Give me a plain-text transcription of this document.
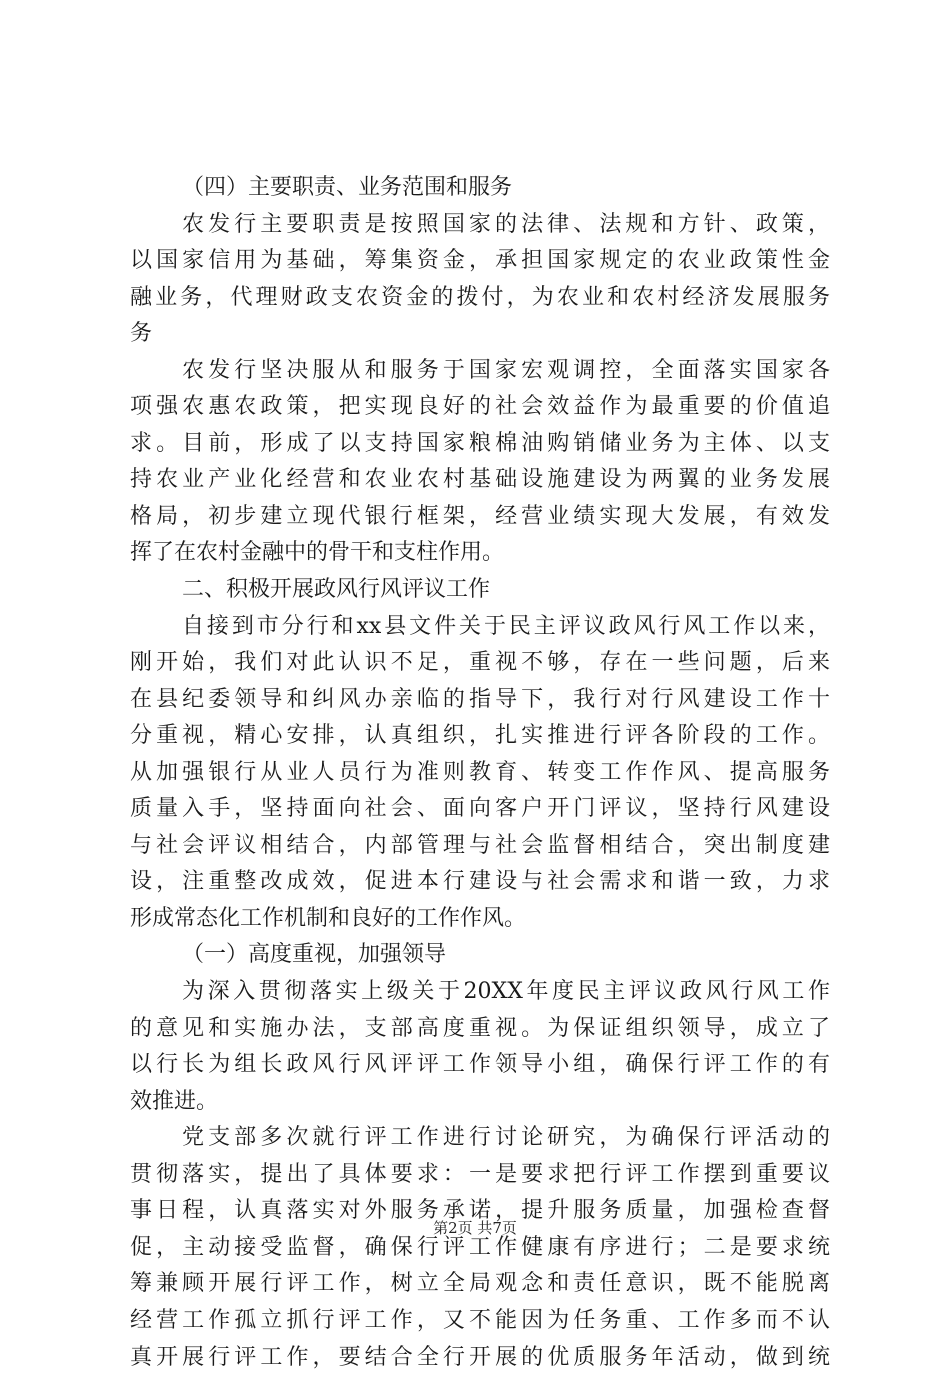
（四）主要职责、业务范围和服务
农发行主要职责是按照国家的法律、法规和方针、政策，
以国家信用为基础，筹集资金，承担国家规定的农业政策性金
融业务，代理财政支农资金的拨付，为农业和农村经济发展服务
务
农发行坚决服从和服务于国家宏观调控，全面落实国家各
项强农惠农政策，把实现良好的社会效益作为最重要的价值追
求。目前，形成了以支持国家粮棉油购销储业务为主体、以支
持农业产业化经营和农业农村基础设施建设为两翼的业务发展
格局，初步建立现代银行框架，经营业绩实现大发展，有效发
挥了在农村金融中的骨干和支柱作用。
二、积极开展政风行风评议工作
自接到市分行和xx县文件关于民主评议政风行风工作以来，
刚开始，我们对此认识不足，重视不够，存在一些问题，后来
在县纪委领导和纠风办亲临的指导下，我行对行风建设工作十
分重视，精心安排，认真组织，扎实推进行评各阶段的工作。
从加强银行从业人员行为准则教育、转变工作作风、提高服务
质量入手，坚持面向社会、面向客户开门评议，坚持行风建设
与社会评议相结合，内部管理与社会监督相结合，突出制度建
设，注重整改成效，促进本行建设与社会需求和谐一致，力求
形成常态化工作机制和良好的工作作风。
（一）高度重视，加强领导
为深入贯彻落实上级关于20XX年度民主评议政风行风工作
的意见和实施办法，支部高度重视。为保证组织领导，成立了
以行长为组长政风行风评评工作领导小组，确保行评工作的有
效推进。
党支部多次就行评工作进行讨论研究，为确保行评活动的
贯彻落实，提出了具体要求：一是要求把行评工作摆到重要议
事日程，认真落实对外服务承诺，提升服务质量，加强检查督
促，主动接受监督，确保行评工作健康有序进行；二是要求统
筹兼顾开展行评工作，树立全局观念和责任意识，既不能脱离
经营工作孤立抓行评工作，又不能因为任务重、工作多而不认
真开展行评工作，要结合全行开展的优质服务年活动，做到统
第2页 共7页
